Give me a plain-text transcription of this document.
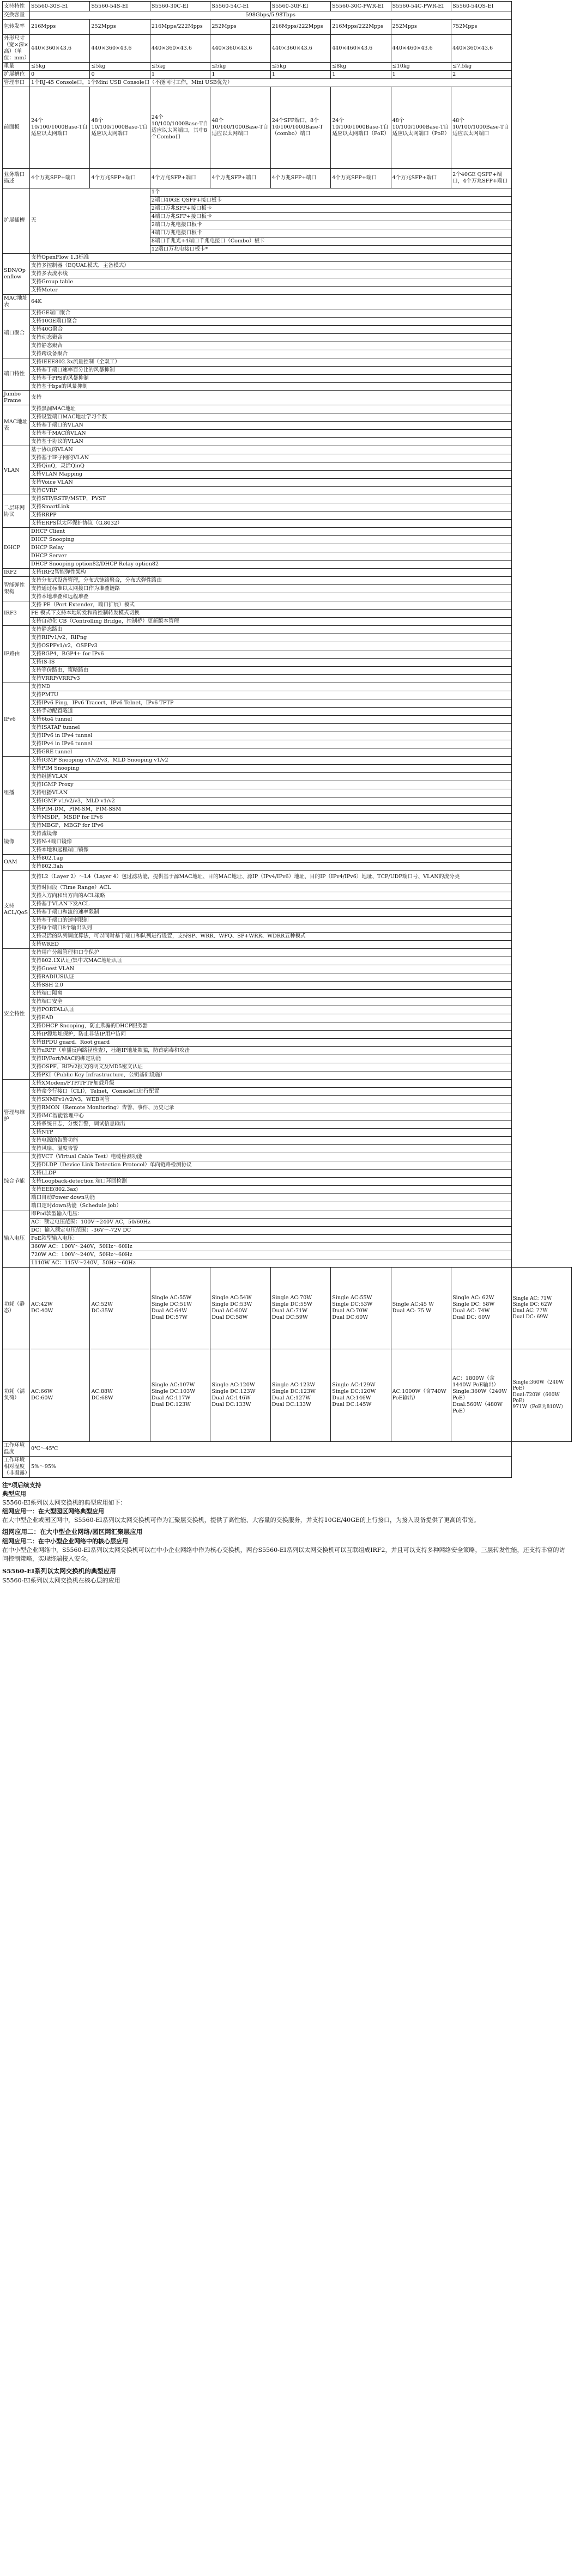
支持特性	S5560-30S-EI	S5560-54S-EI	S5560-30C-EI	S5560-54C-EI	S5560-30F-EI	S5560-30C-PWR-EI	S5560-54C-PWR-EI	S5560-54QS-EI	
交换容量	598Gbps/5.98Tbps								
包转发率	216Mpps	252Mpps	216Mpps/222Mpps	252Mpps	216Mpps/222Mpps	216Mpps/222Mpps	252Mpps	752Mpps	
外形尺寸（宽×深×高）（单位：mm）	440×360×43.6	440×360×43.6	440×360×43.6	440×360×43.6	440×360×43.6	440×460×43.6	440×460×43.6	440×360×43.6	
重量	≤5kg	≤5kg	≤5kg	≤5kg	≤5kg	≤8kg	≤10kg	≤7.5kg	
扩展槽位	0	0	1	1	1	1	1	2	
管理串口	1个RJ-45 Console口，1个Mini USB Console口（不能同时工作，Mini USB优先）								
前面板	24个10/100/1000Base-T自适应以太网端口	48个10/100/1000Base-T自适应以太网端口	24个10/100/1000Base-T自适应以太网端口，其中8个Combo口	48个10/100/1000Base-T自适应以太网端口	24个SFP端口，8个10/100/1000Base-T（combo）端口	24个10/100/1000Base-T自适应以太网端口（PoE）	48个10/100/1000Base-T自适应以太网端口（PoE）	48个10/100/1000Base-T自适应以太网端口	
业务端口描述	4个万兆SFP+端口	4个万兆SFP+端口	4个万兆SFP+端口	4个万兆SFP+端口	4个万兆SFP+端口	4个万兆SFP+端口	4个万兆SFP+端口	2个40GE QSFP+端口，4个万兆SFP+端口	
扩展插槽	无		1个						
			2端口40GE QSFP+接口板卡						
			2端口万兆SFP+接口板卡						
			4端口万兆SFP+接口板卡						
			2端口万兆电接口板卡						
			4端口万兆电接口板卡						
			8端口千兆光+4端口千兆电接口（Combo）板卡						
			12端口万兆电接口板卡*						
SDN/Openflow	支持OpenFlow 1.3标准								
	支持多控制器（EQUAL模式、主备模式）								
	支持多表流水线								
	支持Group table								
	支持Meter								
MAC地址表	64K								
端口聚合	支持GE端口聚合								
	支持10GE端口聚合								
	支持40G聚合								
	支持动态聚合								
	支持静态聚合								
	支持跨设备聚合								
端口特性	支持IEEE802.3x流量控制（全双工）								
	支持基于端口速率百分比的风暴抑制								
	支持基于PPS的风暴抑制								
	支持基于bps的风暴抑制								
Jumbo Frame	支持								
MAC地址表	支持黑洞MAC地址								
	支持设置端口MAC地址学习个数								
	支持基于端口的VLAN								
	支持基于MAC的VLAN								
	支持基于协议的VLAN								
VLAN	基于协议的VLAN								
	支持基于IP子网的VLAN								
	支持QinQ，灵活QinQ								
	支持VLAN Mapping								
	支持Voice VLAN								
	支持GVRP								
二层环网协议	支持STP/RSTP/MSTP，PVST								
	支持SmartLink								
	支持RRPP								
	支持ERPS以太环保护协议（G.8032）								
DHCP	DHCP Client								
	DHCP Snooping								
	DHCP Relay								
	DHCP Server								
	DHCP Snooping option82/DHCP Relay option82								
IRF2	支持IRF2智能弹性架构								
智能弹性架构	支持分布式设备管理，分布式链路聚合，分布式弹性路由								
	支持通过标准以太网接口作为堆叠链路								
	支持本地堆叠和远程堆叠								
IRF3	支持 PE（Port Extender，端口扩展）模式								
	PE 模式下支持本地转发和跨控制转发模式切换								
	支持自动化 CB（Controlling Bridge，控制桥）更新版本管理								
IP路由	支持静态路由								
	支持RIPv1/v2，RIPng								
	支持OSPFv1/v2，OSPFv3								
	支持BGP4，BGP4+ for IPv6								
	支持IS-IS								
	支持等价路由，策略路由								
	支持VRRP/VRRPv3								
IPv6	支持ND								
	支持PMTU								
	支持IPv6 Ping，IPv6 Tracert，IPv6 Telnet，IPv6 TFTP								
	支持手动配置隧道								
	支持6to4 tunnel								
	支持ISATAP tunnel								
	支持IPv6 in IPv4 tunnel								
	支持IPv4 in IPv6 tunnel								
	支持GRE tunnel								
组播	支持IGMP Snooping v1/v2/v3，MLD Snooping v1/v2								
	支持PIM Snooping								
	支持组播VLAN								
	支持IGMP Proxy								
	支持组播VLAN								
	支持IGMP v1/v2/v3，MLD v1/v2								
	支持PIM-DM，PIM-SM，PIM-SSM								
	支持MSDP，MSDP for IPv6								
	支持MBGP，MBGP for IPv6								
镜像	支持流镜像								
	支持N:4端口镜像								
	支持本地和远程端口镜像								
OAM	支持802.1ag								
	支持802.3ah								
支持ACL/QoS	支持L2（Layer 2）～L4（Layer 4）包过滤功能，提供基于源MAC地址、目的MAC地址、源IP（IPv4/IPv6）地址、目的IP（IPv4/IPv6）地址、TCP/UDP端口号、VLAN的流分类								
	支持时间段（Time Range）ACL								
	支持入方向和出方向的ACL策略								
	支持基于VLAN下发ACL								
	支持基于端口和流的速率限制								
	支持基于端口的速率限制								
	支持每个端口8个输出队列								
	支持灵活的队列调度算法，可以同时基于端口和队列进行设置，支持SP、WRR、WFQ、SP+WRR、WDRR五种模式								
	支持WRED								
安全特性	支持用户分级管理和口令保护								
	支持802.1X认证/集中式MAC地址认证								
	支持Guest VLAN								
	支持RADIUS认证								
	支持SSH 2.0								
	支持端口隔离								
	支持端口安全								
	支持PORTAL认证								
	支持EAD								
	支持DHCP Snooping，防止欺骗的DHCP服务器								
	支持IP源地址保护，防止非法IP用户访问								
	支持BPDU guard、Root guard								
	支持uRPF（单播反向路径检查），杜绝IP地址欺骗，防首病毒和攻击								
	支持IP/Port/MAC的绑定功能								
	支持OSPF、RIPv2报文的明文及MD5密文认证								
	支持PKI（Public Key Infrastructure，公钥基础设施）								
管理与维护	支持XModem/FTP/TFTP加载升级								
	支持命令行接口（CLI），Telnet，Console口进行配置								
	支持SNMPv1/v2/v3，WEB网管								
	支持RMON（Remote Monitoring）告警、事件、历史记录								
	支持iMC智能管理中心								
	支持系统日志，分级告警，调试信息输出								
	支持NTP								
	支持电源的告警功能								
	支持风扇、温度告警								
综合节能	支持VCT（Virtual Cable Test）电缆检测功能								
	支持DLDP（Device Link Detection Protocol）单向链路检测协议								
	支持LLDP								
	支持Loopback-detection 端口环回检测								
	支持EEE(802.3az)								
	端口自动Power down功能								
	端口定时down功能（Schedule job）								
输入电压	即Pod款型输入电压：								
	AC：额定电压范围：100V～240V AC，50/60Hz								
	DC：输入额定电压范围：-36V～-72V DC								
	PoE款型输入电压：								
	360W AC：100V～240V，50Hz～60Hz								
	720W AC：100V～240V，50Hz～60Hz								
	1110W AC：115V～240V，50Hz～60Hz								
功耗（静态）	AC:42W
DC:40W	AC:52W
DC:35W	Single AC:55W
Single DC:51W
Dual AC:64W
Dual DC:57W	Single AC:54W
Single DC:53W
Dual AC:60W
Dual DC:58W	Single AC:70W
Single DC:55W
Dual AC:71W
Dual DC:59W	Single AC:55W
Single DC:53W
Dual AC:70W
Dual DC:60W	Single AC:45 W
Dual AC: 75 W	Single AC: 62W
Single DC: 58W
Dual AC: 74W
Dual DC: 60W	Single AC: 71W
Single DC: 62W
Dual AC: 77W
Dual DC: 69W
功耗（满负荷）	AC:66W
DC:60W	AC:88W
DC:68W	Single AC:107W
Single DC:103W
Dual AC:117W
Dual DC:123W	Single AC:120W
Single DC:123W
Dual AC:146W
Dual DC:133W	Single AC:123W
Single DC:123W
Dual AC:127W
Dual DC:133W	Single AC:129W
Single DC:120W
Dual AC:146W
Dual DC:145W	AC:1000W（含740W PoE输出）	AC：1800W（含1440W PoE输出）
Single:360W（240W PoE）
Dual:560W（480W PoE）	Single:360W（240W PoE）
Dual:720W（600W PoE）
971W（PoE为810W）
工作环境温度	0℃～45℃								
工作环境相对湿度（非凝露）	5%～95%								

注*项后续支持

典型应用

S5560-EI系列以太网交换机的典型应用如下：

组网应用一：在大型园区网络典型应用

在大中型企业或园区网中，S5560-EI系列以太网交换机可作为汇聚层交换机，提供了高性能、大容量的交换服务，并支持10GE/40GE的上行接口，为接入设备提供了更高的带宽。

组网应用二：在大中型企业网络/园区网汇聚层应用

组网应用二：在中小型企业网络中的核心层应用

在中小型企业网络中，S5560-EI系列以太网交换机可以在中小企业网络中作为核心交换机，两台S5560-EI系列以太网交换机可以互联组成IRF2，并且可以支持多种网络安全策略，三层转发性能，还支持丰富的访问控制策略，实现终端接入安全。

S5560-EI系列以太网交换机的典型应用

S5560-EI系列以太网交换机在核心层的应用
